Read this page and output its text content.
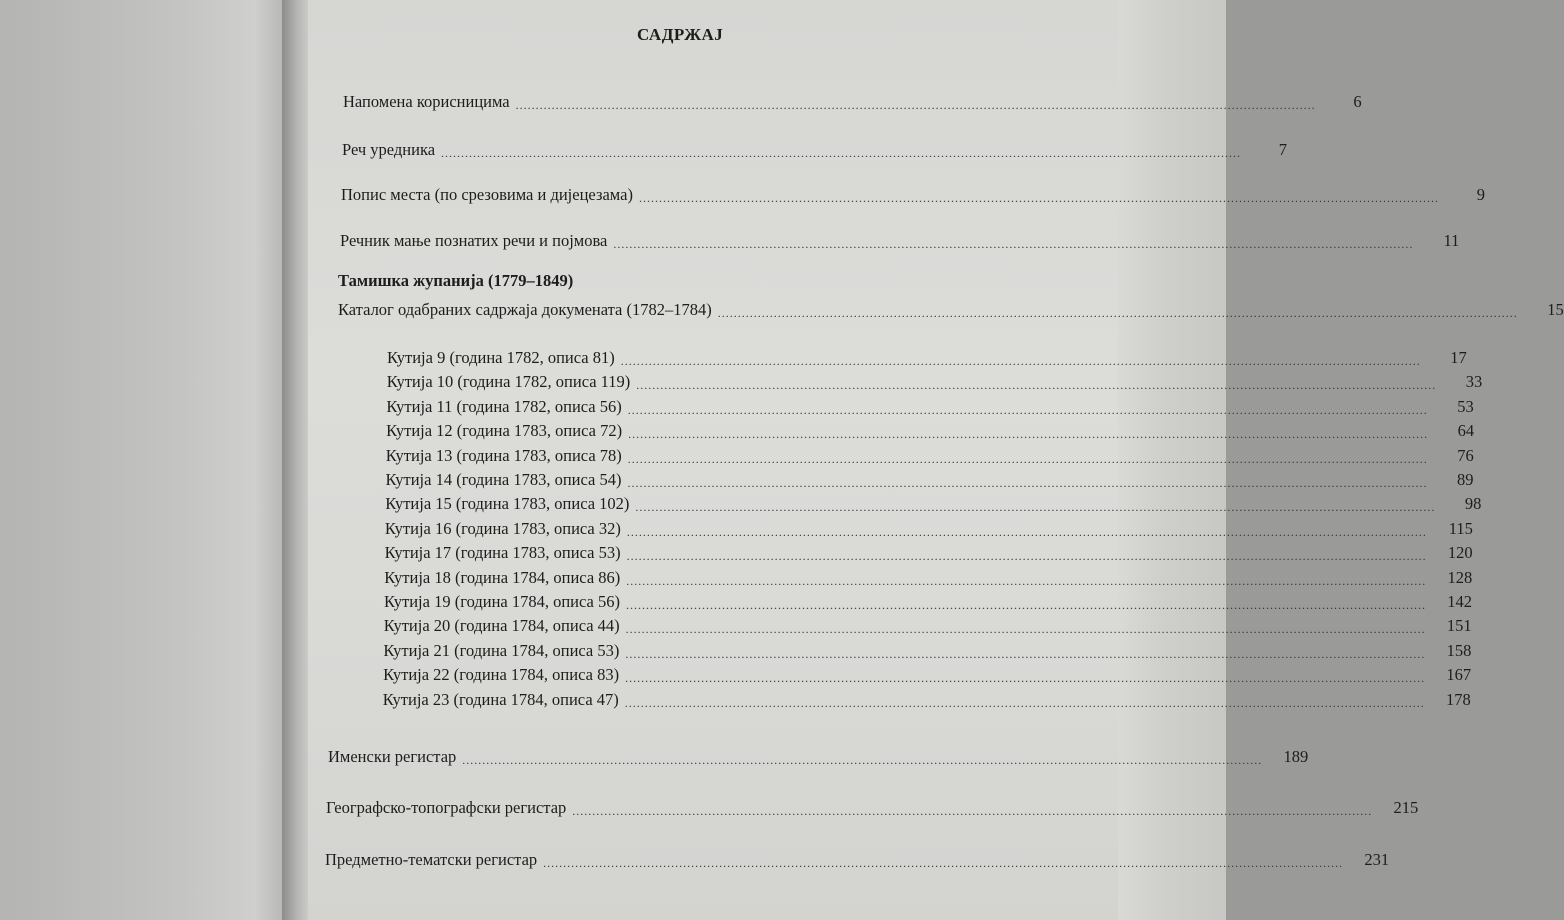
САДРЖАЈ
Напомена корисницима ........................................................................................................................................................................................................	6
Реч уредника ........................................................................................................................................................................................................	7
Попис места (по срезовима и дијецезама) ........................................................................................................................................................................................................	9
Речник мање познатих речи и појмова ........................................................................................................................................................................................................	11
Тамишка жупанија (1779–1849)
Каталог одабраних садржаја докумената (1782–1784) ........................................................................................................................................................................................................	15
Кутија 9 (година 1782, описа 81) ........................................................................................................................................................................................................	17
Кутија 10 (година 1782, описа 119) ........................................................................................................................................................................................................	33
Кутија 11 (година 1782, описа 56) ........................................................................................................................................................................................................	53
Кутија 12 (година 1783, описа 72) ........................................................................................................................................................................................................	64
Кутија 13 (година 1783, описа 78) ........................................................................................................................................................................................................	76
Кутија 14 (година 1783, описа 54) ........................................................................................................................................................................................................	89
Кутија 15 (година 1783, описа 102) ........................................................................................................................................................................................................	98
Кутија 16 (година 1783, описа 32) ........................................................................................................................................................................................................	115
Кутија 17 (година 1783, описа 53) ........................................................................................................................................................................................................	120
Кутија 18 (година 1784, описа 86) ........................................................................................................................................................................................................	128
Кутија 19 (година 1784, описа 56) ........................................................................................................................................................................................................	142
Кутија 20 (година 1784, описа 44) ........................................................................................................................................................................................................	151
Кутија 21 (година 1784, описа 53) ........................................................................................................................................................................................................	158
Кутија 22 (година 1784, описа 83) ........................................................................................................................................................................................................	167
Кутија 23 (година 1784, описа 47) ........................................................................................................................................................................................................	178
Именски регистар ........................................................................................................................................................................................................	189
Географско-топографски регистар ........................................................................................................................................................................................................	215
Предметно-тематски регистар ........................................................................................................................................................................................................	231
